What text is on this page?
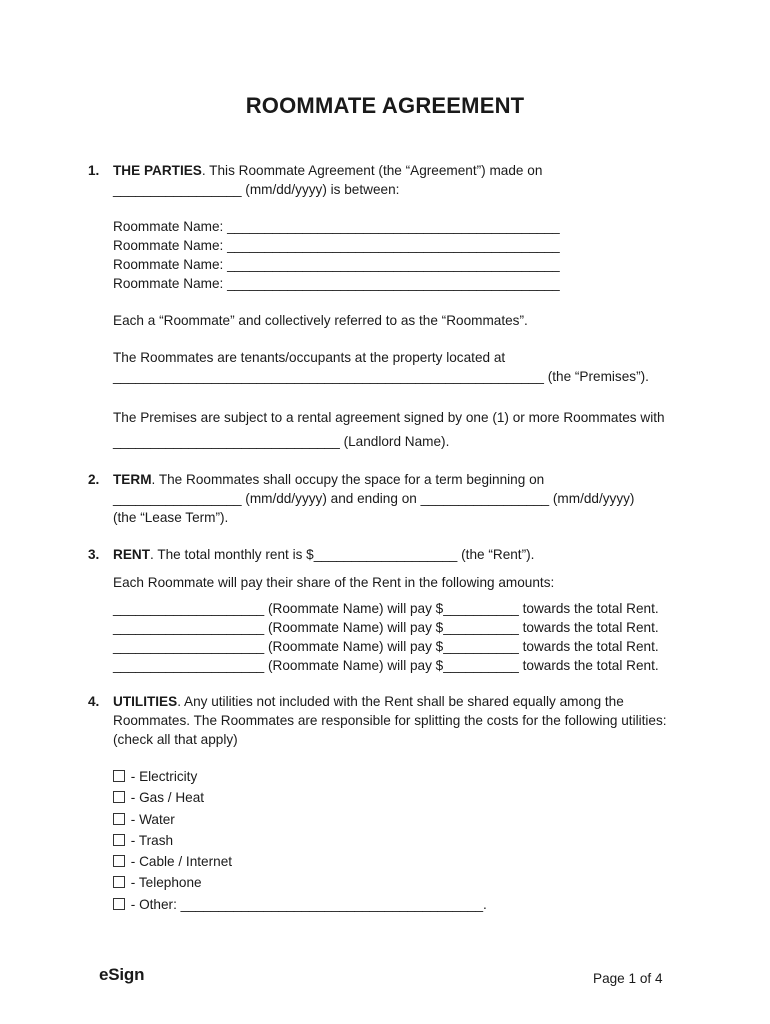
ROOMMATE AGREEMENT
1. THE PARTIES. This Roommate Agreement (the “Agreement”) made on

_________________ (mm/dd/yyyy) is between:

Roommate Name: ____________________________________________

Roommate Name: ____________________________________________

Roommate Name: ____________________________________________

Roommate Name: ____________________________________________

Each a “Roommate” and collectively referred to as the “Roommates”.

The Roommates are tenants/occupants at the property located at

_________________________________________________________ (the “Premises”).

The Premises are subject to a rental agreement signed by one (1) or more Roommates with

______________________________ (Landlord Name).

2. TERM. The Roommates shall occupy the space for a term beginning on

_________________ (mm/dd/yyyy) and ending on _________________ (mm/dd/yyyy)

(the “Lease Term”).

3. RENT. The total monthly rent is $___________________ (the “Rent”).

Each Roommate will pay their share of the Rent in the following amounts:

____________________ (Roommate Name) will pay $__________ towards the total Rent.

____________________ (Roommate Name) will pay $__________ towards the total Rent.

____________________ (Roommate Name) will pay $__________ towards the total Rent.

____________________ (Roommate Name) will pay $__________ towards the total Rent.

4. UTILITIES. Any utilities not included with the Rent shall be shared equally among the

Roommates. The Roommates are responsible for splitting the costs for the following utilities:

(check all that apply)

- Electricity
- Gas / Heat
- Water
- Trash
- Cable / Internet
- Telephone
- Other: ________________________________________.
eSign	Page 1 of 4
